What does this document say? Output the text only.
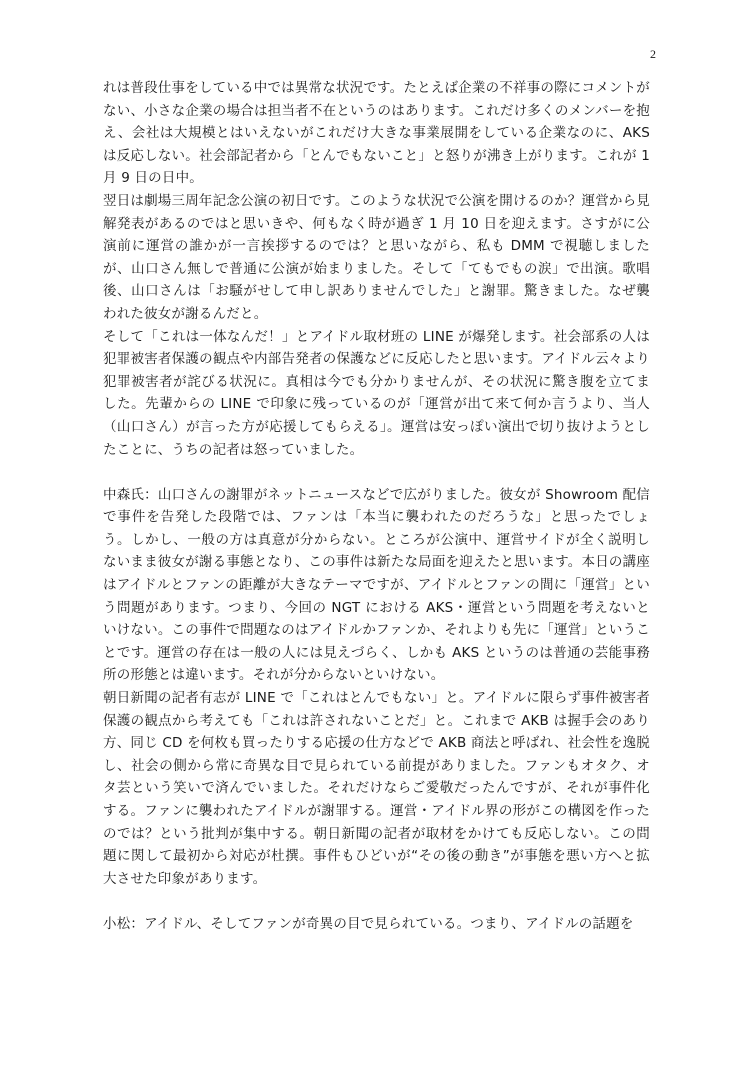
2

れは普段仕事をしている中では異常な状況です。たとえば企業の不祥事の際にコメントがない、小さな企業の場合は担当者不在というのはあります。これだけ多くのメンバーを抱え、会社は大規模とはいえないがこれだけ大きな事業展開をしている企業なのに、AKS は反応しない。社会部記者から「とんでもないこと」と怒りが沸き上がります。これが 1 月 9 日の日中。

翌日は劇場三周年記念公演の初日です。このような状況で公演を開けるのか？運営から見解発表があるのではと思いきや、何もなく時が過ぎ 1 月 10 日を迎えます。さすがに公演前に運営の誰かが一言挨拶するのでは？と思いながら、私も DMM で視聴しましたが、山口さん無しで普通に公演が始まりました。そして「てもでもの涙」で出演。歌唱後、山口さんは「お騒がせして申し訳ありませんでした」と謝罪。驚きました。なぜ襲われた彼女が謝るんだと。

そして「これは一体なんだ！」とアイドル取材班の LINE が爆発します。社会部系の人は犯罪被害者保護の観点や内部告発者の保護などに反応したと思います。アイドル云々より犯罪被害者が詫びる状況に。真相は今でも分かりませんが、その状況に驚き腹を立てました。先輩からの LINE で印象に残っているのが「運営が出て来て何か言うより、当人（山口さん）が言った方が応援してもらえる」。運営は安っぽい演出で切り抜けようとしたことに、うちの記者は怒っていました。

中森氏：山口さんの謝罪がネットニュースなどで広がりました。彼女が Showroom 配信で事件を告発した段階では、ファンは「本当に襲われたのだろうな」と思ったでしょう。しかし、一般の方は真意が分からない。ところが公演中、運営サイドが全く説明しないまま彼女が謝る事態となり、この事件は新たな局面を迎えたと思います。本日の講座はアイドルとファンの距離が大きなテーマですが、アイドルとファンの間に「運営」という問題があります。つまり、今回の NGT における AKS・運営という問題を考えないといけない。この事件で問題なのはアイドルかファンか、それよりも先に「運営」ということです。運営の存在は一般の人には見えづらく、しかも AKS というのは普通の芸能事務所の形態とは違います。それが分からないといけない。

朝日新聞の記者有志が LINE で「これはとんでもない」と。アイドルに限らず事件被害者保護の観点から考えても「これは許されないことだ」と。これまで AKB は握手会のあり方、同じ CD を何枚も買ったりする応援の仕方などで AKB 商法と呼ばれ、社会性を逸脱し、社会の側から常に奇異な目で見られている前提がありました。ファンもオタク、オタ芸という笑いで済んでいました。それだけならご愛敬だったんですが、それが事件化する。ファンに襲われたアイドルが謝罪する。運営・アイドル界の形がこの構図を作ったのでは？という批判が集中する。朝日新聞の記者が取材をかけても反応しない。この問題に関して最初から対応が杜撰。事件もひどいが“その後の動き”が事態を悪い方へと拡大させた印象があります。

小松：アイドル、そしてファンが奇異の目で見られている。つまり、アイドルの話題を
